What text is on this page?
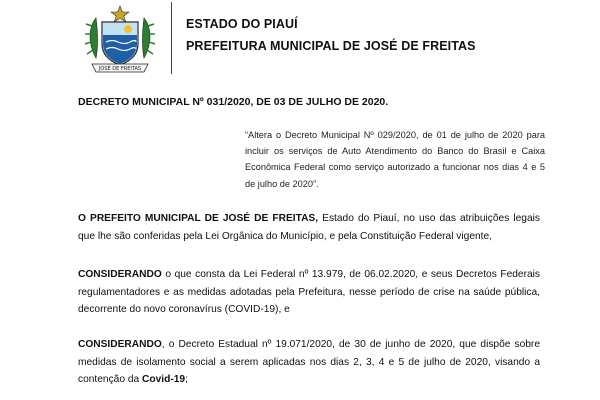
JOSÉ DE FREITAS
ESTADO DO PIAUÍ
PREFEITURA MUNICIPAL DE JOSÉ DE FREITAS
DECRETO MUNICIPAL Nº 031/2020, DE 03 DE JULHO DE 2020.
“Altera o Decreto Municipal Nº 029/2020, de 01 de julho de 2020 para incluir os serviços de Auto Atendimento do Banco do Brasil e Caixa Econômica Federal como serviço autorizado a funcionar nos dias 4 e 5 de julho de 2020”.
O PREFEITO MUNICIPAL DE JOSÉ DE FREITAS, Estado do Piauí, no uso das atribuições legais que lhe são conferidas pela Lei Orgânica do Município, e pela Constituição Federal vigente,
CONSIDERANDO o que consta da Lei Federal nº 13.979, de 06.02.2020, e seus Decretos Federais regulamentadores e as medidas adotadas pela Prefeitura, nesse período de crise na saúde pública, decorrente do novo coronavírus (COVID-19), e
CONSIDERANDO, o Decreto Estadual nº 19.071/2020, de 30 de junho de 2020, que dispõe sobre medidas de isolamento social a serem aplicadas nos dias 2, 3, 4 e 5 de julho de 2020, visando a contenção da Covid-19;
